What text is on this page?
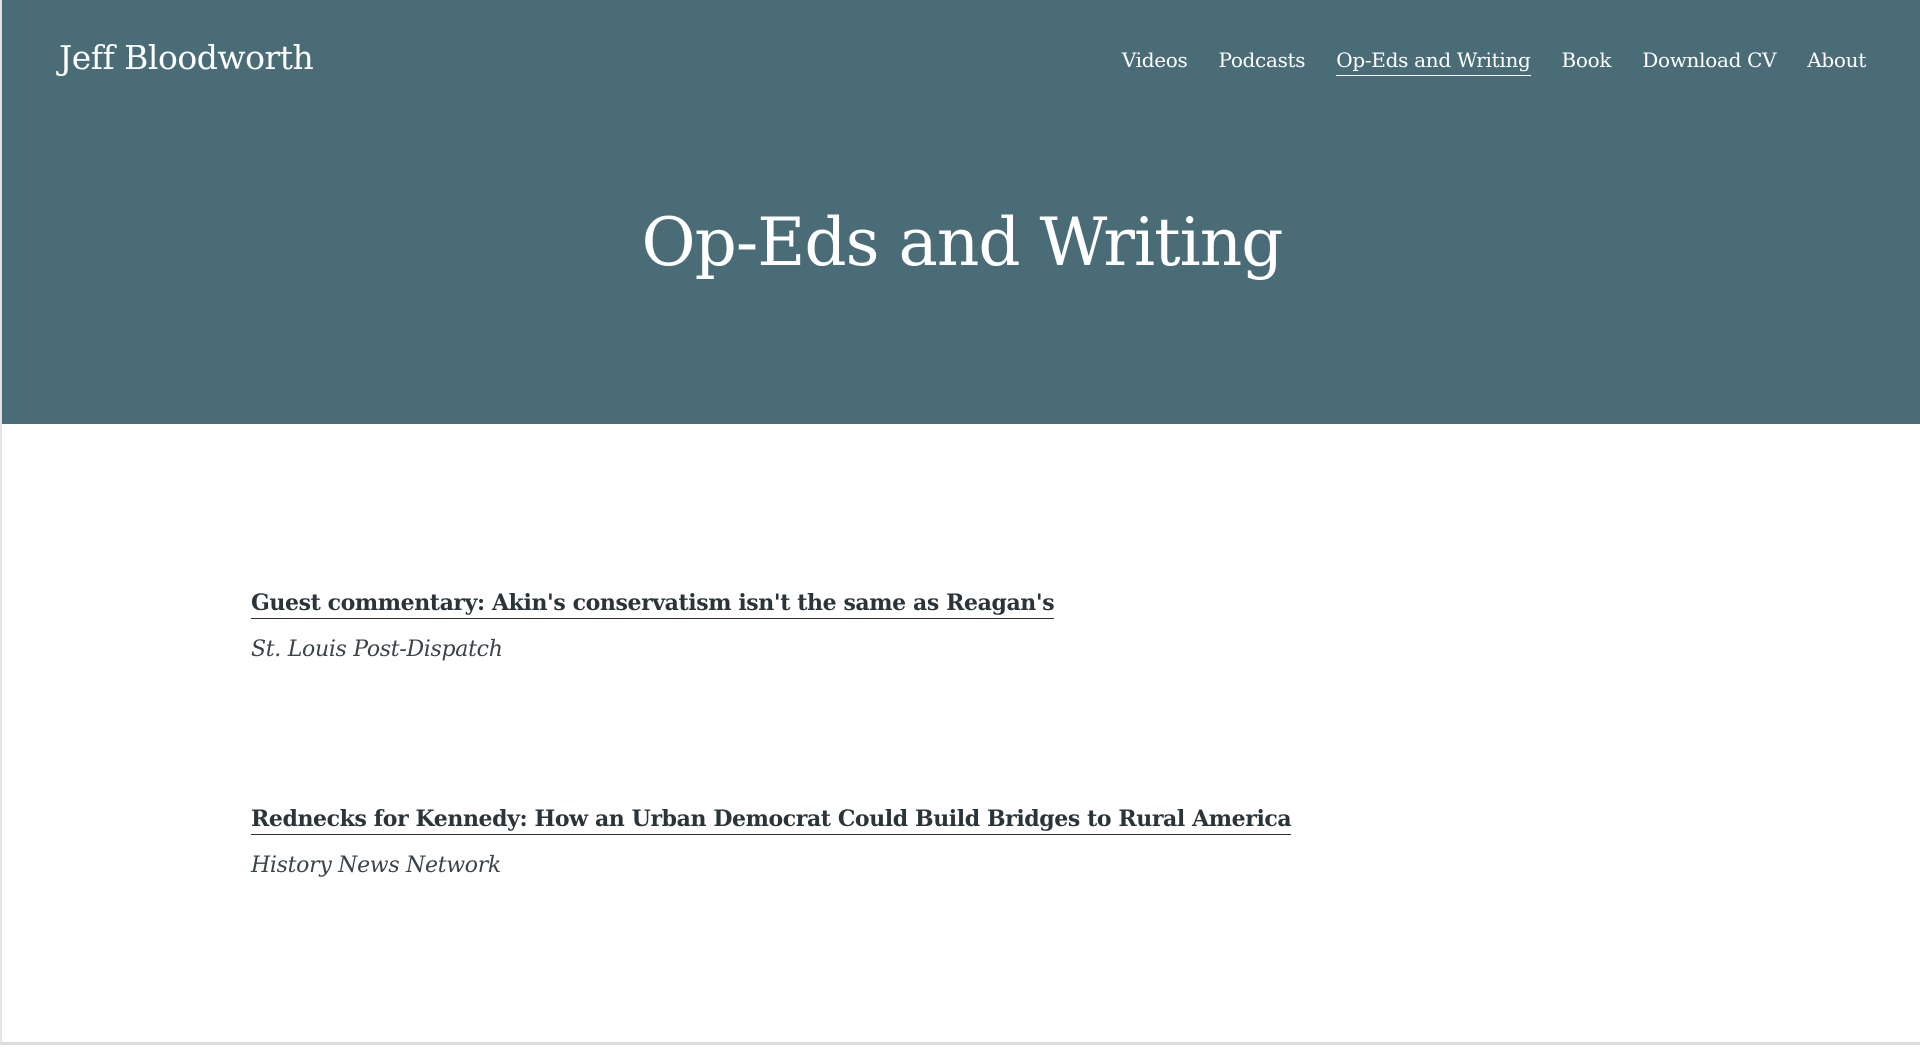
Jeff Bloodworth	Videos Podcasts Op-Eds and Writing Book Download CV About
Op-Eds and Writing
Guest commentary: Akin's conservatism isn't the same as Reagan's
St. Louis Post-Dispatch
Rednecks for Kennedy: How an Urban Democrat Could Build Bridges to Rural America
History News Network
